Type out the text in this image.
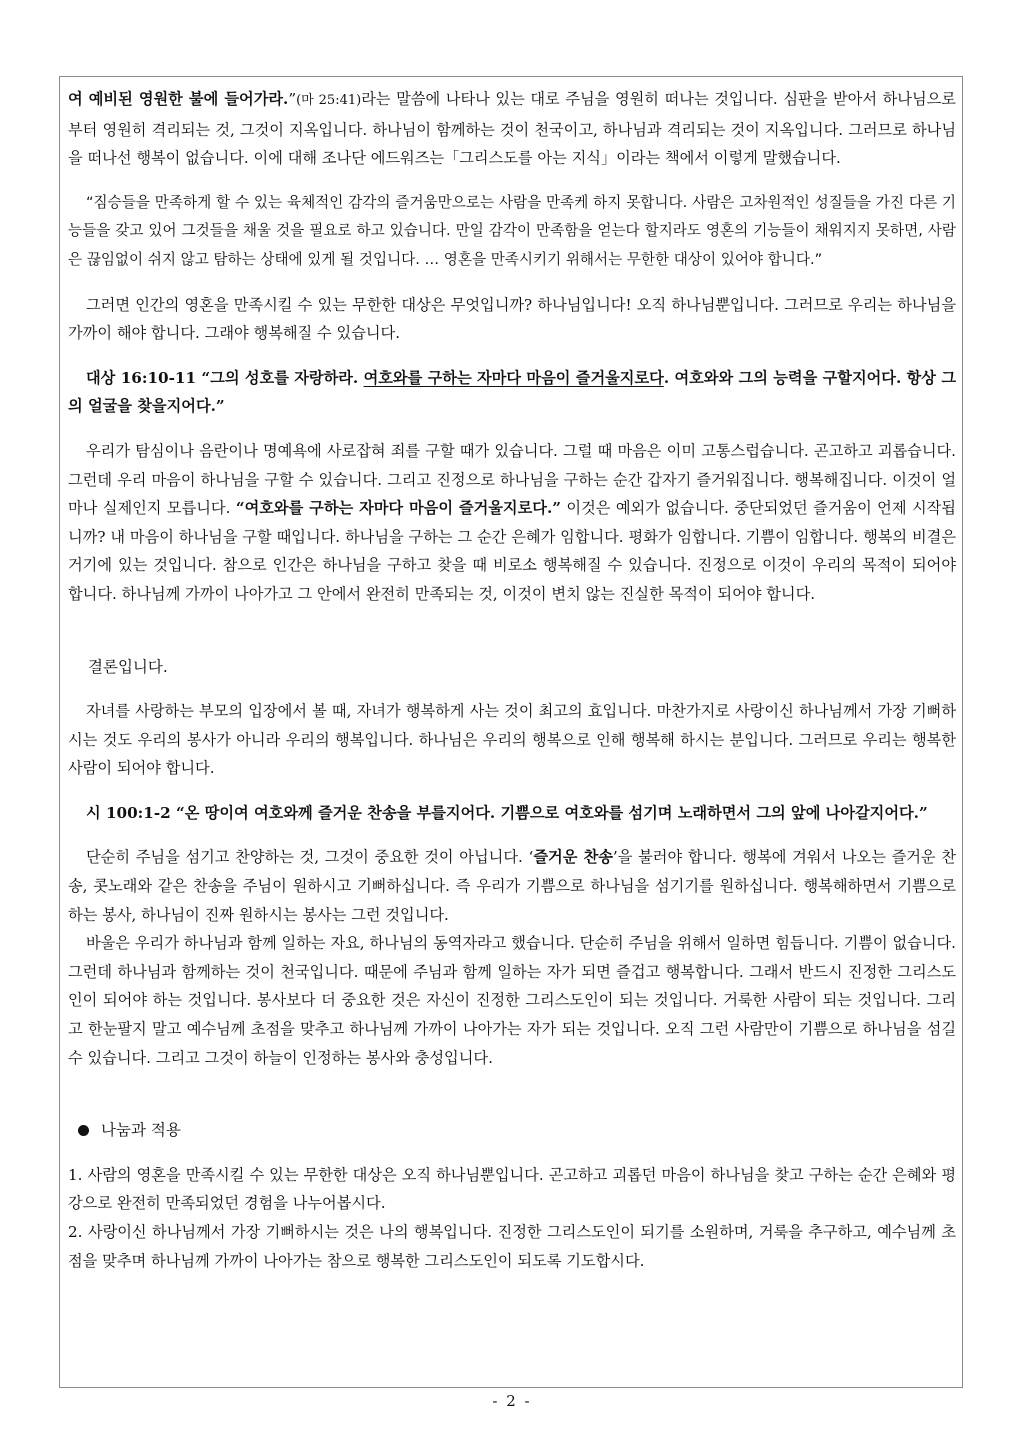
여 예비된 영원한 불에 들어가라.”(마 25:41)라는 말씀에 나타나 있는 대로 주님을 영원히 떠나는 것입니다. 심판을 받아서 하나님으로부터 영원히 격리되는 것, 그것이 지옥입니다. 하나님이 함께하는 것이 천국이고, 하나님과 격리되는 것이 지옥입니다. 그러므로 하나님을 떠나선 행복이 없습니다. 이에 대해 조나단 에드워즈는「그리스도를 아는 지식」이라는 책에서 이렇게 말했습니다.

“짐승들을 만족하게 할 수 있는 육체적인 감각의 즐거움만으로는 사람을 만족케 하지 못합니다. 사람은 고차원적인 성질들을 가진 다른 기능들을 갖고 있어 그것들을 채울 것을 필요로 하고 있습니다. 만일 감각이 만족함을 얻는다 할지라도 영혼의 기능들이 채워지지 못하면, 사람은 끊임없이 쉬지 않고 탐하는 상태에 있게 될 것입니다. … 영혼을 만족시키기 위해서는 무한한 대상이 있어야 합니다.”

그러면 인간의 영혼을 만족시킬 수 있는 무한한 대상은 무엇입니까? 하나님입니다! 오직 하나님뿐입니다. 그러므로 우리는 하나님을 가까이 해야 합니다. 그래야 행복해질 수 있습니다.

대상 16:10-11 “그의 성호를 자랑하라. 여호와를 구하는 자마다 마음이 즐거울지로다. 여호와와 그의 능력을 구할지어다. 항상 그의 얼굴을 찾을지어다.”

우리가 탐심이나 음란이나 명예욕에 사로잡혀 죄를 구할 때가 있습니다. 그럴 때 마음은 이미 고통스럽습니다. 곤고하고 괴롭습니다. 그런데 우리 마음이 하나님을 구할 수 있습니다. 그리고 진정으로 하나님을 구하는 순간 갑자기 즐거워집니다. 행복해집니다. 이것이 얼마나 실제인지 모릅니다. “여호와를 구하는 자마다 마음이 즐거울지로다.” 이것은 예외가 없습니다. 중단되었던 즐거움이 언제 시작됩니까? 내 마음이 하나님을 구할 때입니다. 하나님을 구하는 그 순간 은혜가 임합니다. 평화가 임합니다. 기쁨이 임합니다. 행복의 비결은 거기에 있는 것입니다. 참으로 인간은 하나님을 구하고 찾을 때 비로소 행복해질 수 있습니다. 진정으로 이것이 우리의 목적이 되어야 합니다. 하나님께 가까이 나아가고 그 안에서 완전히 만족되는 것, 이것이 변치 않는 진실한 목적이 되어야 합니다.

결론입니다.

자녀를 사랑하는 부모의 입장에서 볼 때, 자녀가 행복하게 사는 것이 최고의 효입니다. 마찬가지로 사랑이신 하나님께서 가장 기뻐하시는 것도 우리의 봉사가 아니라 우리의 행복입니다. 하나님은 우리의 행복으로 인해 행복해 하시는 분입니다. 그러므로 우리는 행복한 사람이 되어야 합니다.

시 100:1-2 “온 땅이여 여호와께 즐거운 찬송을 부를지어다. 기쁨으로 여호와를 섬기며 노래하면서 그의 앞에 나아갈지어다.”

단순히 주님을 섬기고 찬양하는 것, 그것이 중요한 것이 아닙니다. ‘즐거운 찬송’을 불러야 합니다. 행복에 겨워서 나오는 즐거운 찬송, 콧노래와 같은 찬송을 주님이 원하시고 기뻐하십니다. 즉 우리가 기쁨으로 하나님을 섬기기를 원하십니다. 행복해하면서 기쁨으로 하는 봉사, 하나님이 진짜 원하시는 봉사는 그런 것입니다.

바울은 우리가 하나님과 함께 일하는 자요, 하나님의 동역자라고 했습니다. 단순히 주님을 위해서 일하면 힘듭니다. 기쁨이 없습니다. 그런데 하나님과 함께하는 것이 천국입니다. 때문에 주님과 함께 일하는 자가 되면 즐겁고 행복합니다. 그래서 반드시 진정한 그리스도인이 되어야 하는 것입니다. 봉사보다 더 중요한 것은 자신이 진정한 그리스도인이 되는 것입니다. 거룩한 사람이 되는 것입니다. 그리고 한눈팔지 말고 예수님께 초점을 맞추고 하나님께 가까이 나아가는 자가 되는 것입니다. 오직 그런 사람만이 기쁨으로 하나님을 섬길 수 있습니다. 그리고 그것이 하늘이 인정하는 봉사와 충성입니다.

나눔과 적용

1. 사람의 영혼을 만족시킬 수 있는 무한한 대상은 오직 하나님뿐입니다. 곤고하고 괴롭던 마음이 하나님을 찾고 구하는 순간 은혜와 평강으로 완전히 만족되었던 경험을 나누어봅시다.

2. 사랑이신 하나님께서 가장 기뻐하시는 것은 나의 행복입니다. 진정한 그리스도인이 되기를 소원하며, 거룩을 추구하고, 예수님께 초점을 맞추며 하나님께 가까이 나아가는 참으로 행복한 그리스도인이 되도록 기도합시다.

- 2 -
